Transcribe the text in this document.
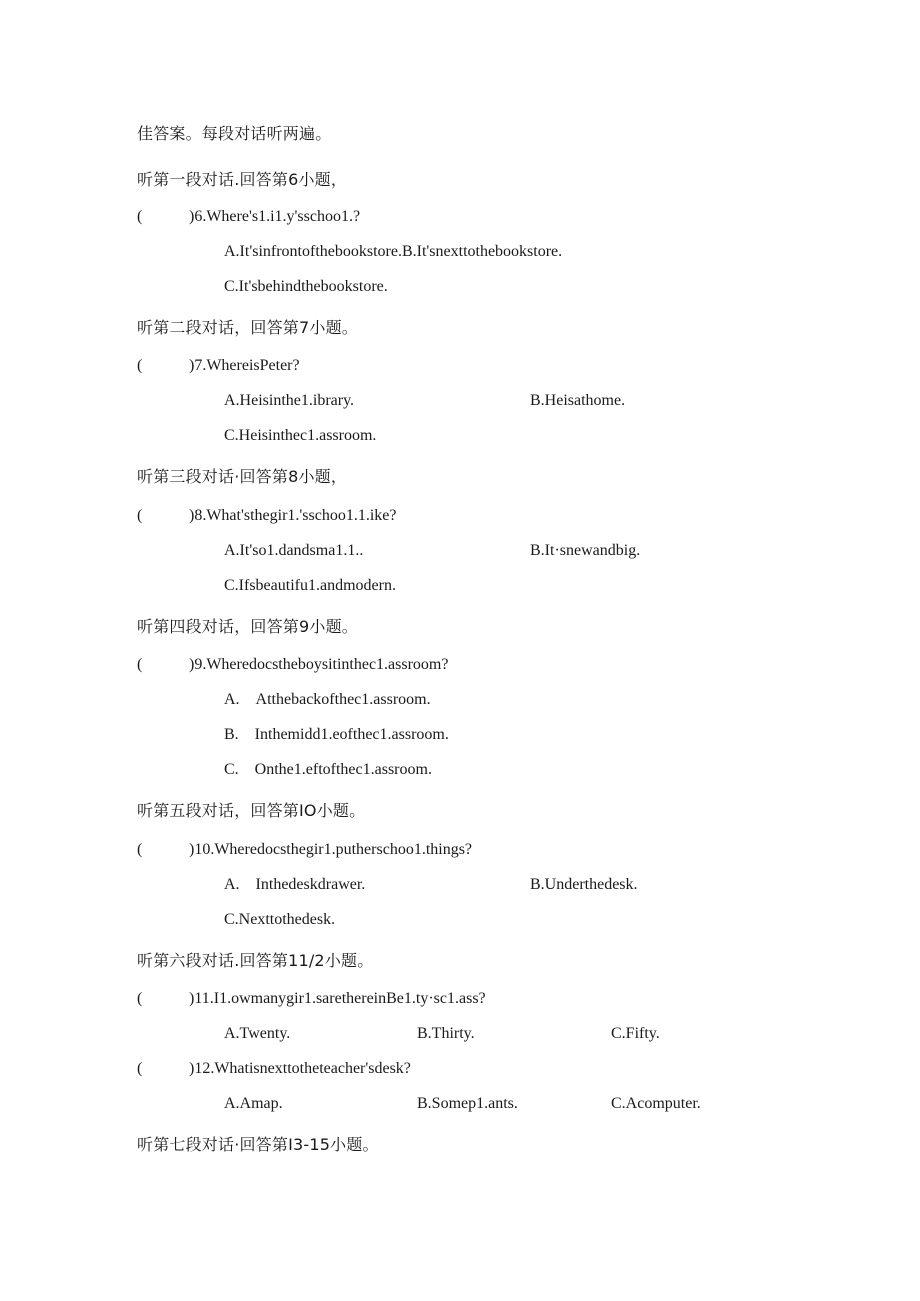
佳答案。每段对话听两遍。
听第一段对话.回答第6小题，
(	)6.Where's1.i1.y'sschoo1.?
A.It'sinfrontofthebookstore.B.It'snexttothebookstore.
C.It'sbehindthebookstore.
听第二段对话，回答第7小题。
(	)7.WhereisPeter?
A.Heisinthe1.ibrary.	B.Heisathome.
C.Heisinthec1.assroom.
听第三段对话·回答第8小题，
(	)8.What'sthegir1.'sschoo1.1.ike?
A.It'so1.dandsma1.1..	B.It·snewandbig.
C.Ifsbeautifu1.andmodern.
听第四段对话，回答第9小题。
(	)9.Wheredocstheboysitinthec1.assroom?
A. Atthebackofthec1.assroom.
B. Inthemidd1.eofthec1.assroom.
C. Onthe1.eftofthec1.assroom.
听第五段对话，回答第IO小题。
(	)10.Wheredocsthegir1.putherschoo1.things?
A. Inthedeskdrawer.	B.Underthedesk.
C.Nexttothedesk.
听第六段对话.回答第11/2小题。
(	)11.I1.owmanygir1.saretherein​Be1.ty·sc1.ass?
A.Twenty.	B.Thirty.	C.Fifty.
(	)12.Whatisnexttotheteacher'sdesk?
A.Amap.	B.Somep1.ants.	C.Acomputer.
听第七段对话·回答第I3-15小题。
